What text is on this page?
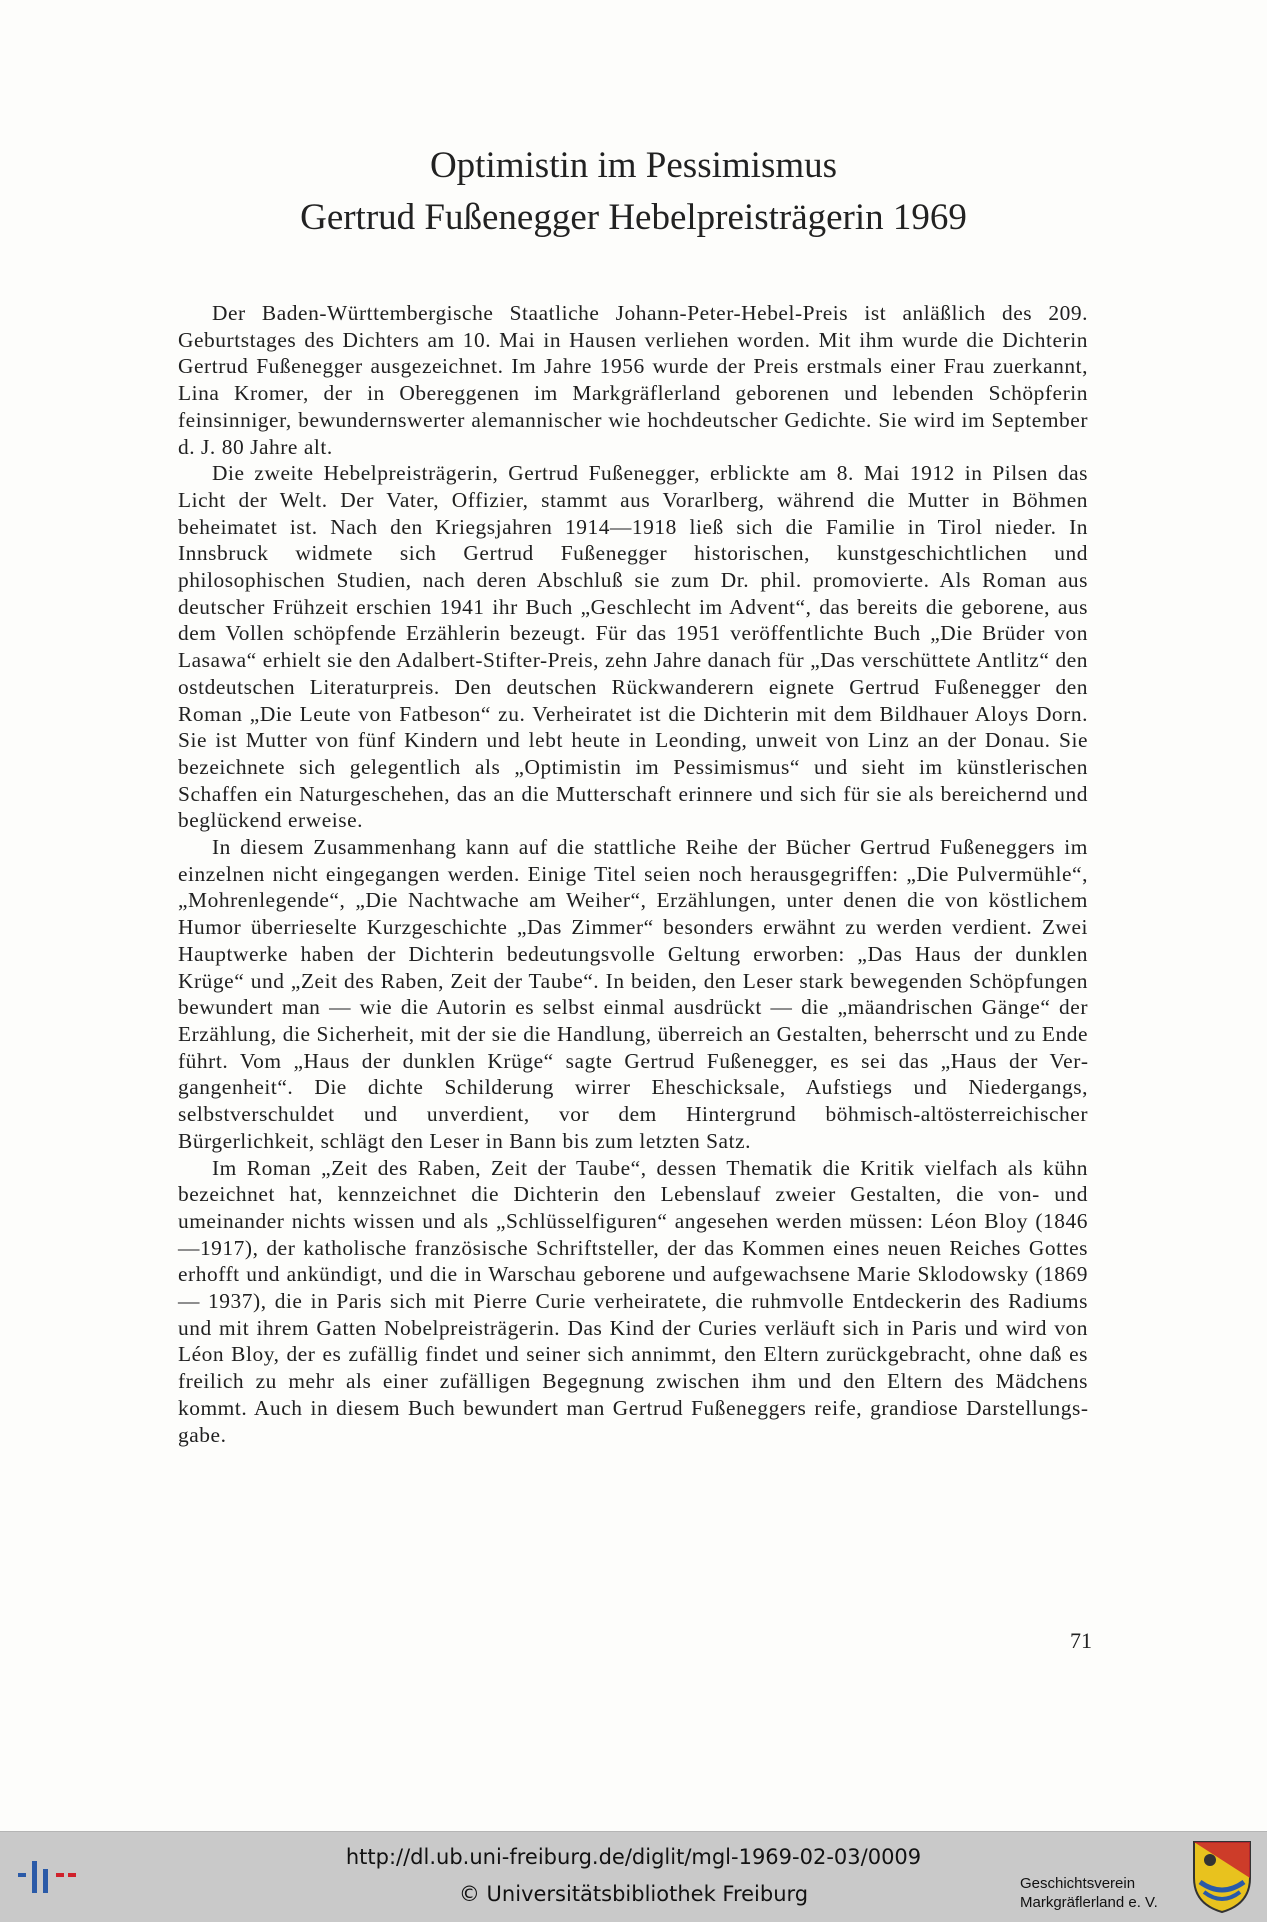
Optimistin im Pessimismus
Gertrud Fußenegger Hebelpreisträgerin 1969

Der Baden-Württembergische Staatliche Johann-Peter-Hebel-Preis ist anläßlich des 209. Geburtstages des Dichters am 10. Mai in Hausen verliehen worden. Mit ihm wurde die Dichterin Gertrud Fußenegger ausgezeichnet. Im Jahre 1956 wurde der Preis erstmals einer Frau zuerkannt, Lina Kromer, der in Obereggenen im Markgräflerland geborenen und lebenden Schöpferin feinsinniger, bewundernswerter alemannischer wie hochdeutscher Gedichte. Sie wird im September d. J. 80 Jahre alt.

Die zweite Hebelpreisträgerin, Gertrud Fußenegger, erblickte am 8. Mai 1912 in Pilsen das Licht der Welt. Der Vater, Offizier, stammt aus Vorarlberg, während die Mutter in Böhmen beheimatet ist. Nach den Kriegsjahren 1914—1918 ließ sich die Familie in Tirol nieder. In Innsbruck widmete sich Gertrud Fußenegger historischen, kunstgeschichtlichen und philosophischen Studien, nach deren Abschluß sie zum Dr. phil. promovierte. Als Roman aus deutscher Frühzeit erschien 1941 ihr Buch „Geschlecht im Advent“, das bereits die geborene, aus dem Vollen schöpfende Erzählerin bezeugt. Für das 1951 veröffentlichte Buch „Die Brüder von Lasawa“ erhielt sie den Adalbert-Stifter-Preis, zehn Jahre danach für „Das verschüttete Antlitz“ den ostdeutschen Literaturpreis. Den deutschen Rückwanderern eignete Gertrud Fußenegger den Roman „Die Leute von Fatbeson“ zu. Verheiratet ist die Dichterin mit dem Bildhauer Aloys Dorn. Sie ist Mutter von fünf Kindern und lebt heute in Leonding, unweit von Linz an der Donau. Sie bezeichnete sich gelegentlich als „Optimistin im Pessimismus“ und sieht im künstlerischen Schaffen ein Naturgeschehen, das an die Mutterschaft erinnere und sich für sie als bereichernd und beglückend erweise.

In diesem Zusammenhang kann auf die stattliche Reihe der Bücher Gertrud Fußeneggers im einzelnen nicht eingegangen werden. Einige Titel seien noch herausgegriffen: „Die Pulvermühle“, „Mohrenlegende“, „Die Nachtwache am Weiher“, Erzählungen, unter denen die von köstlichem Humor überrieselte Kurzgeschichte „Das Zimmer“ besonders erwähnt zu werden verdient. Zwei Hauptwerke haben der Dichterin bedeutungsvolle Geltung erworben: „Das Haus der dunklen Krüge“ und „Zeit des Raben, Zeit der Taube“. In beiden, den Leser stark bewegenden Schöpfungen bewundert man — wie die Autorin es selbst einmal ausdrückt — die „mäandrischen Gänge“ der Erzählung, die Sicherheit, mit der sie die Handlung, überreich an Gestalten, beherrscht und zu Ende führt. Vom „Haus der dunklen Krüge“ sagte Gertrud Fußenegger, es sei das „Haus der Vergangenheit“. Die dichte Schilderung wirrer Eheschicksale, Aufstiegs und Niedergangs, selbstverschuldet und unverdient, vor dem Hintergrund böhmisch-altösterreichischer Bürgerlichkeit, schlägt den Leser in Bann bis zum letzten Satz.

Im Roman „Zeit des Raben, Zeit der Taube“, dessen Thematik die Kritik vielfach als kühn bezeichnet hat, kennzeichnet die Dichterin den Lebenslauf zweier Gestalten, die von- und umeinander nichts wissen und als „Schlüsselfiguren“ angesehen werden müssen: Léon Bloy (1846—1917), der katholische französische Schriftsteller, der das Kommen eines neuen Reiches Gottes erhofft und ankündigt, und die in Warschau geborene und aufgewachsene Marie Sklodowsky (1869— 1937), die in Paris sich mit Pierre Curie verheiratete, die ruhmvolle Entdeckerin des Radiums und mit ihrem Gatten Nobelpreisträgerin. Das Kind der Curies verläuft sich in Paris und wird von Léon Bloy, der es zufällig findet und seiner sich annimmt, den Eltern zurückgebracht, ohne daß es freilich zu mehr als einer zufälligen Begegnung zwischen ihm und den Eltern des Mädchens kommt. Auch in diesem Buch bewundert man Gertrud Fußeneggers reife, grandiose Darstellungsgabe.

71
http://dl.ub.uni-freiburg.de/diglit/mgl-1969-02-03/0009
© Universitätsbibliothek Freiburg	Geschichtsverein
Markgräflerland e. V.
